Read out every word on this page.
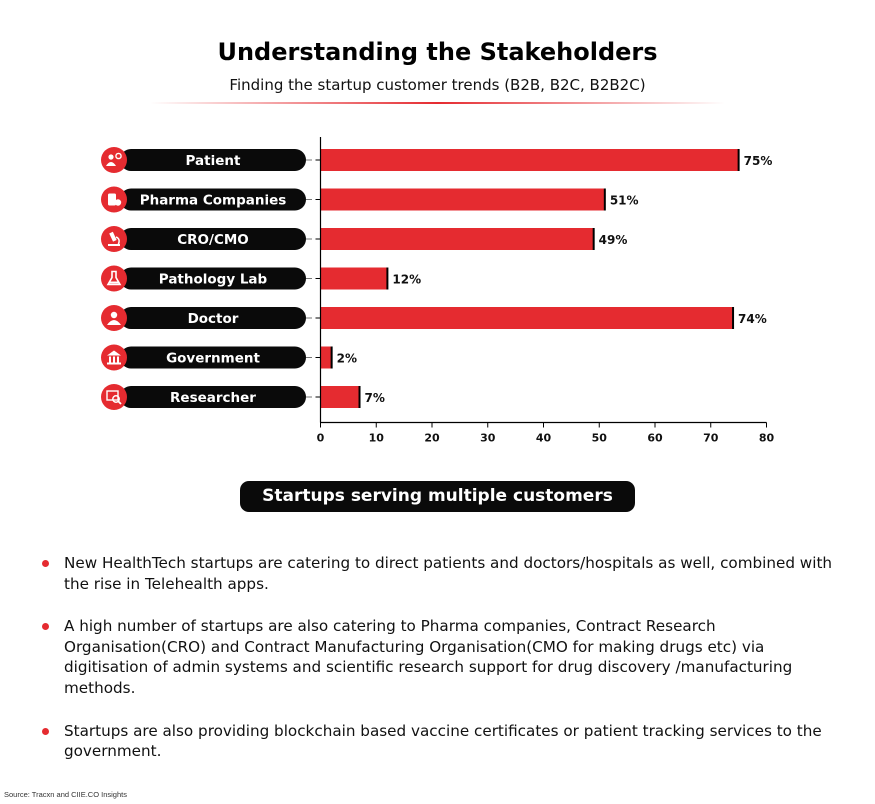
Understanding the Stakeholders
Finding the startup customer trends (B2B, B2C, B2B2C)
Patient	75%
Pharma Companies	51%
CRO/CMO	49%
Pathology Lab	12%
Doctor	74%
Government	2%
Researcher	7%
0	10	20	30	40	50	60	70	80
Startups serving multiple customers
New HealthTech startups are catering to direct patients and doctors/hospitals as well, combined with the rise in Telehealth apps.
A high number of startups are also catering to Pharma companies, Contract Research Organisation(CRO) and Contract Manufacturing Organisation(CMO for making drugs etc) via digitisation of admin systems and scientific research support for drug discovery /manufacturing methods.
Startups are also providing blockchain based vaccine certificates or patient tracking services to the government.
Source: Tracxn and CIIE.CO Insights
